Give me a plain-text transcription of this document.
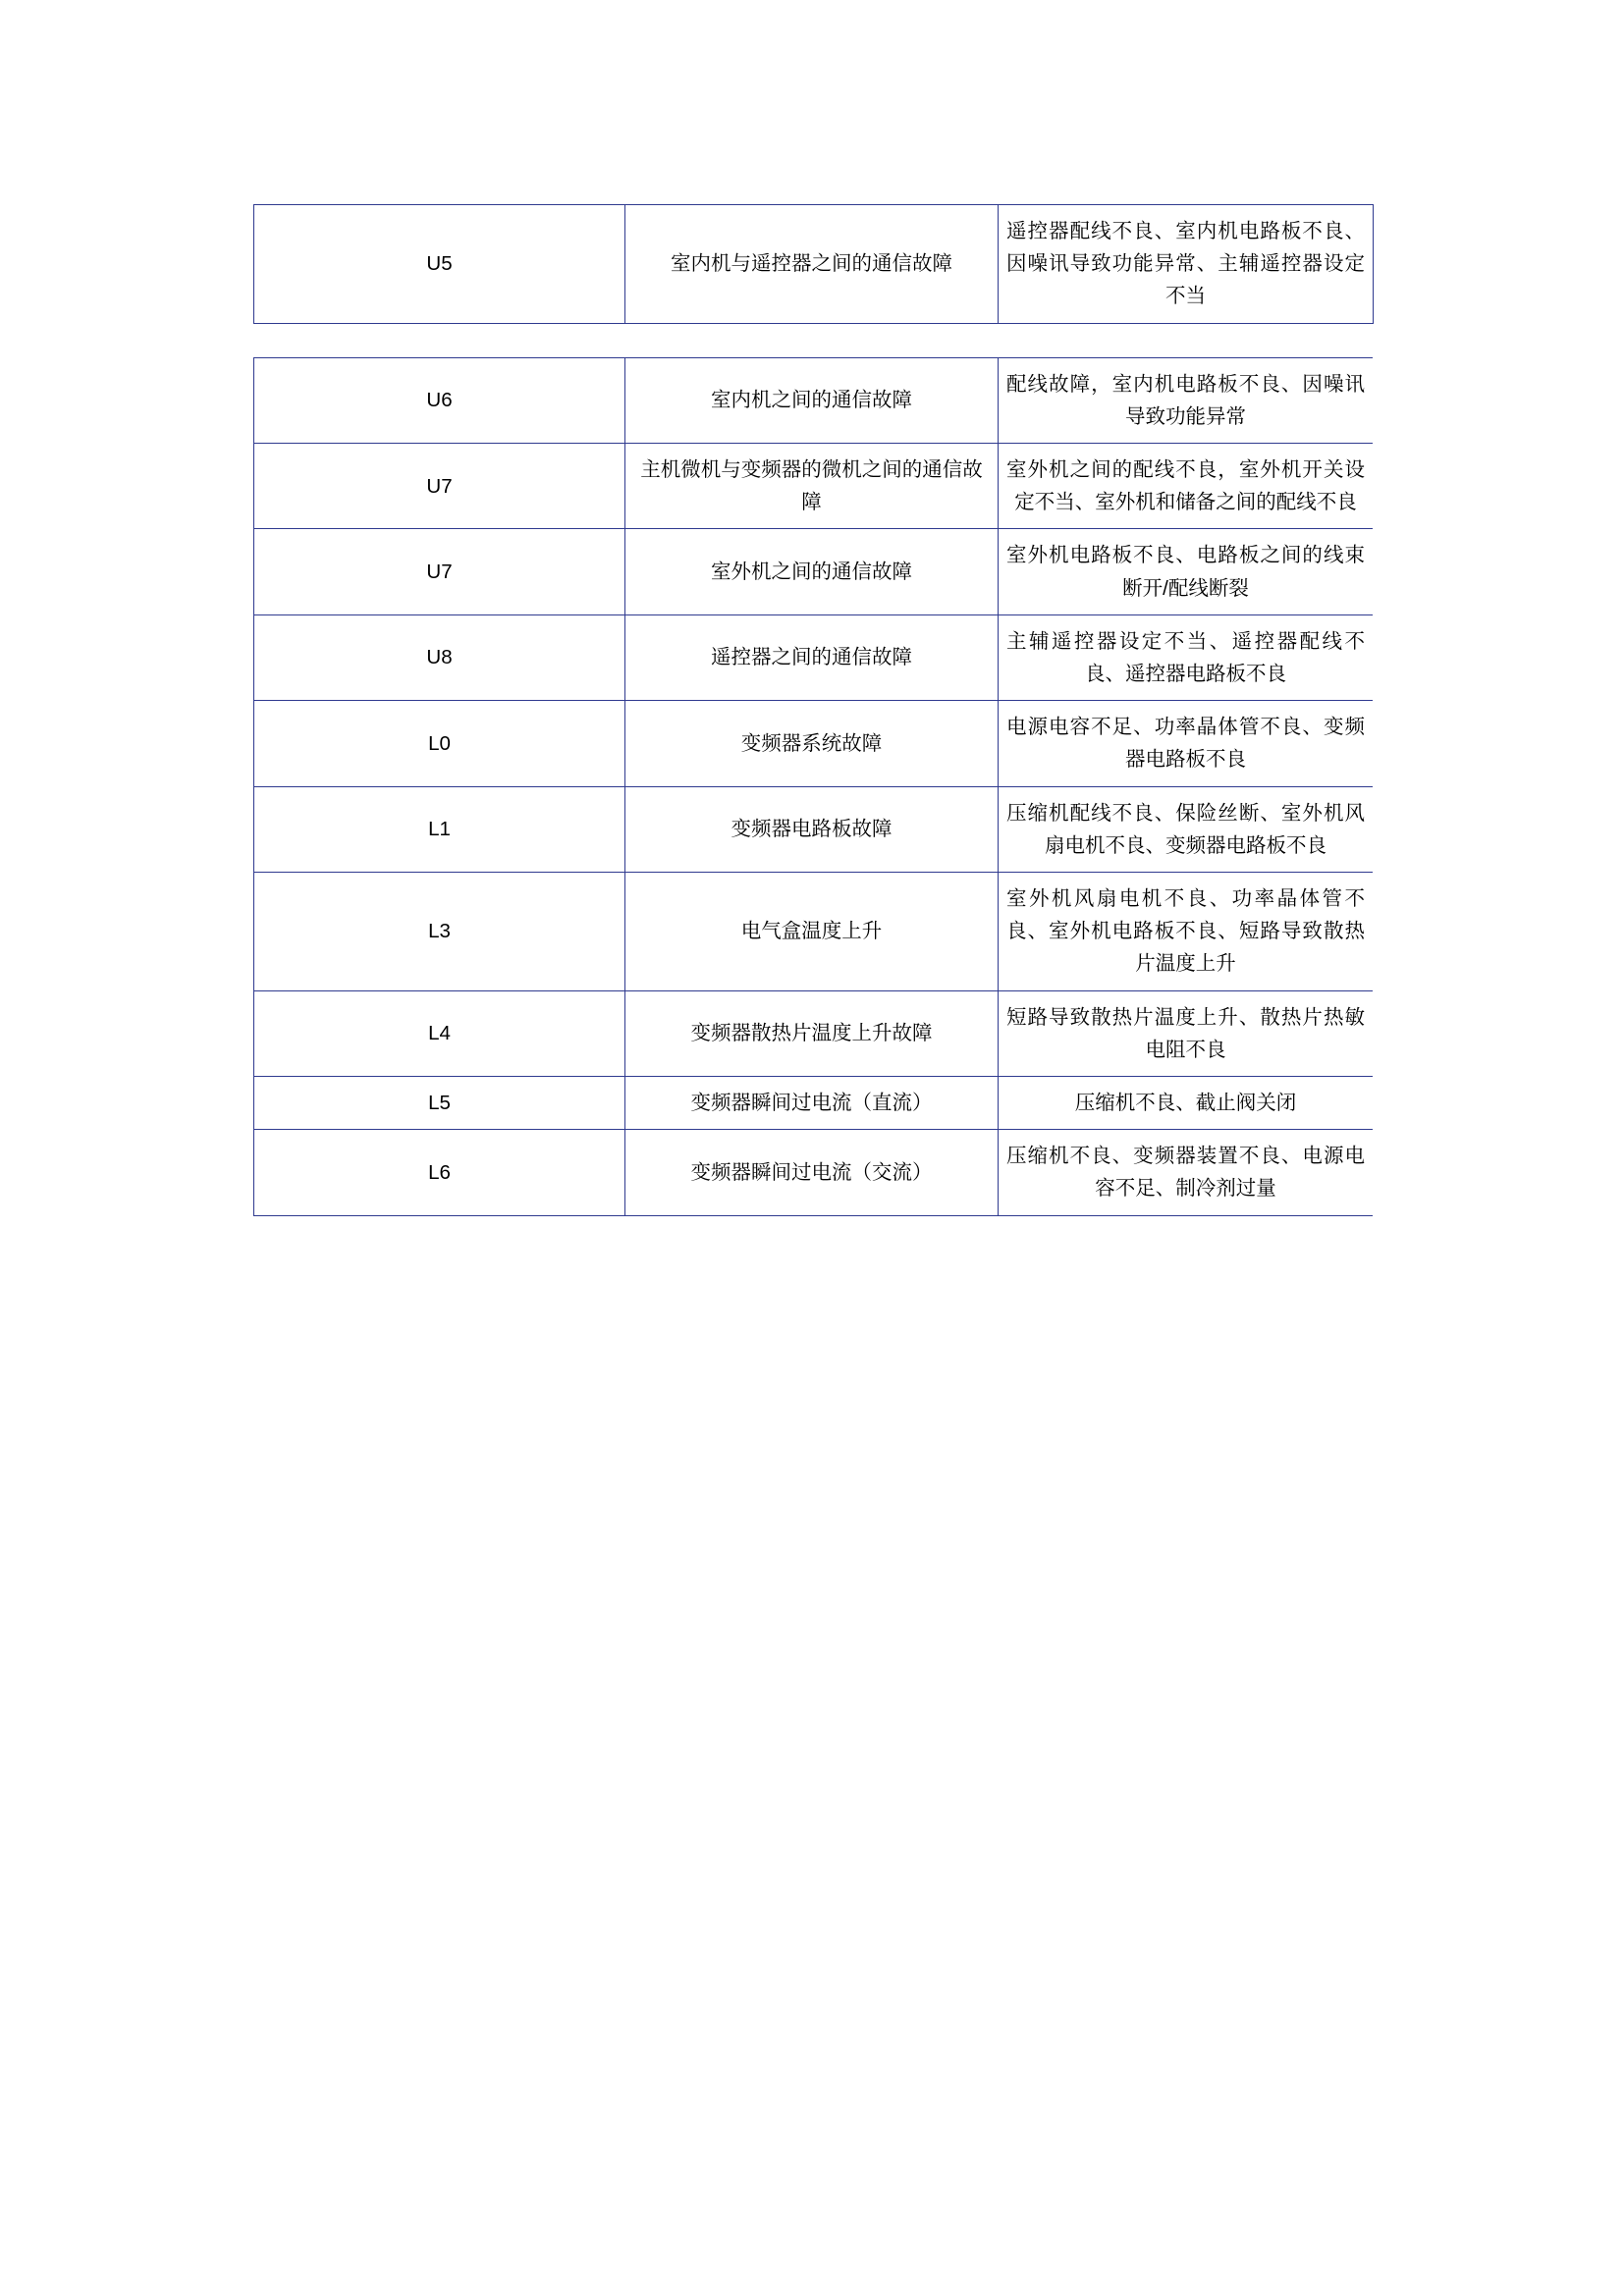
U5	室内机与遥控器之间的通信故障	遥控器配线不良、室内机电路板不良、因噪讯导致功能异常、主辅遥控器设定不当
U6	室内机之间的通信故障	配线故障，室内机电路板不良、因噪讯导致功能异常
U7	主机微机与变频器的微机之间的通信故障	室外机之间的配线不良，室外机开关设定不当、室外机和储备之间的配线不良
U7	室外机之间的通信故障	室外机电路板不良、电路板之间的线束断开/配线断裂
U8	遥控器之间的通信故障	主辅遥控器设定不当、遥控器配线不良、遥控器电路板不良
L0	变频器系统故障	电源电容不足、功率晶体管不良、变频器电路板不良
L1	变频器电路板故障	压缩机配线不良、保险丝断、室外机风扇电机不良、变频器电路板不良
L3	电气盒温度上升	室外机风扇电机不良、功率晶体管不良、室外机电路板不良、短路导致散热片温度上升
L4	变频器散热片温度上升故障	短路导致散热片温度上升、散热片热敏电阻不良
L5	变频器瞬间过电流（直流）	压缩机不良、截止阀关闭
L6	变频器瞬间过电流（交流）	压缩机不良、变频器装置不良、电源电容不足、制冷剂过量
